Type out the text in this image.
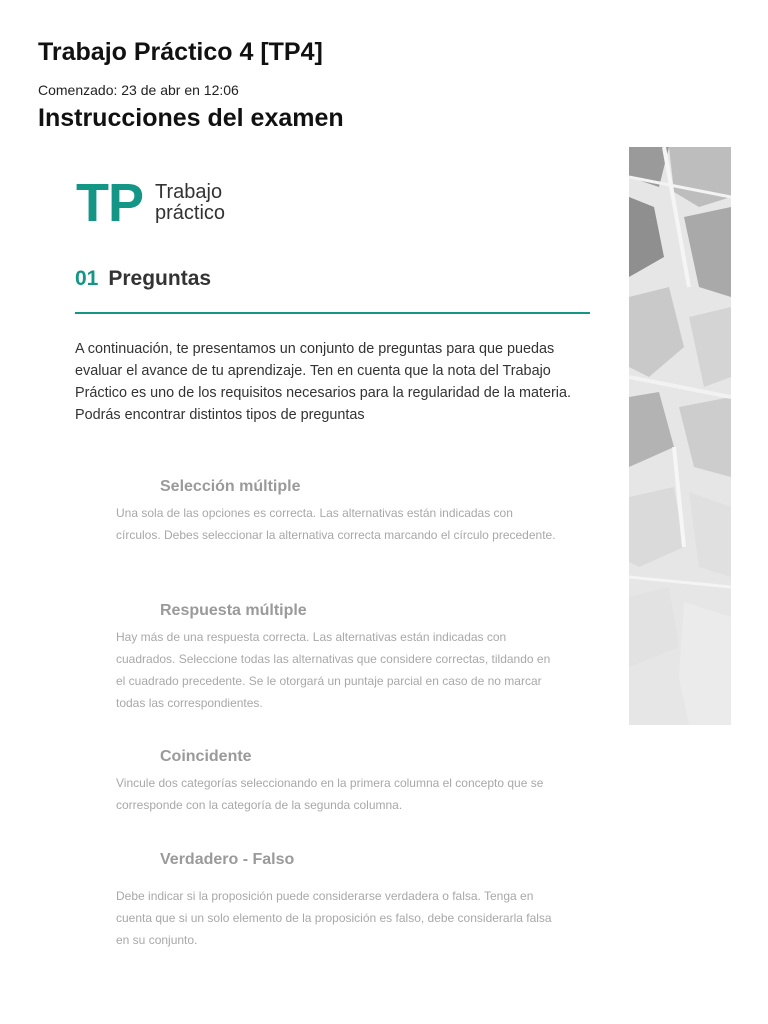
Trabajo Práctico 4 [TP4]
Comenzado: 23 de abr en 12:06
Instrucciones del examen
TP Trabajo
práctico
01 Preguntas

A continuación, te presentamos un conjunto de preguntas para que puedas evaluar el avance de tu aprendizaje. Ten en cuenta que la nota del Trabajo Práctico es uno de los requisitos necesarios para la regularidad de la materia. Podrás encontrar distintos tipos de preguntas

Selección múltiple
Una sola de las opciones es correcta. Las alternativas están indicadas con círculos. Debes seleccionar la alternativa correcta marcando el círculo precedente.
Respuesta múltiple
Hay más de una respuesta correcta. Las alternativas están indicadas con cuadrados. Seleccione todas las alternativas que considere correctas, tildando en el cuadrado precedente. Se le otorgará un puntaje parcial en caso de no marcar todas las correspondientes.
Coincidente
Vincule dos categorías seleccionando en la primera columna el concepto que se corresponde con la categoría de la segunda columna.
Verdadero - Falso
Debe indicar si la proposición puede considerarse verdadera o falsa. Tenga en cuenta que si un solo elemento de la proposición es falso, debe considerarla falsa en su conjunto.
